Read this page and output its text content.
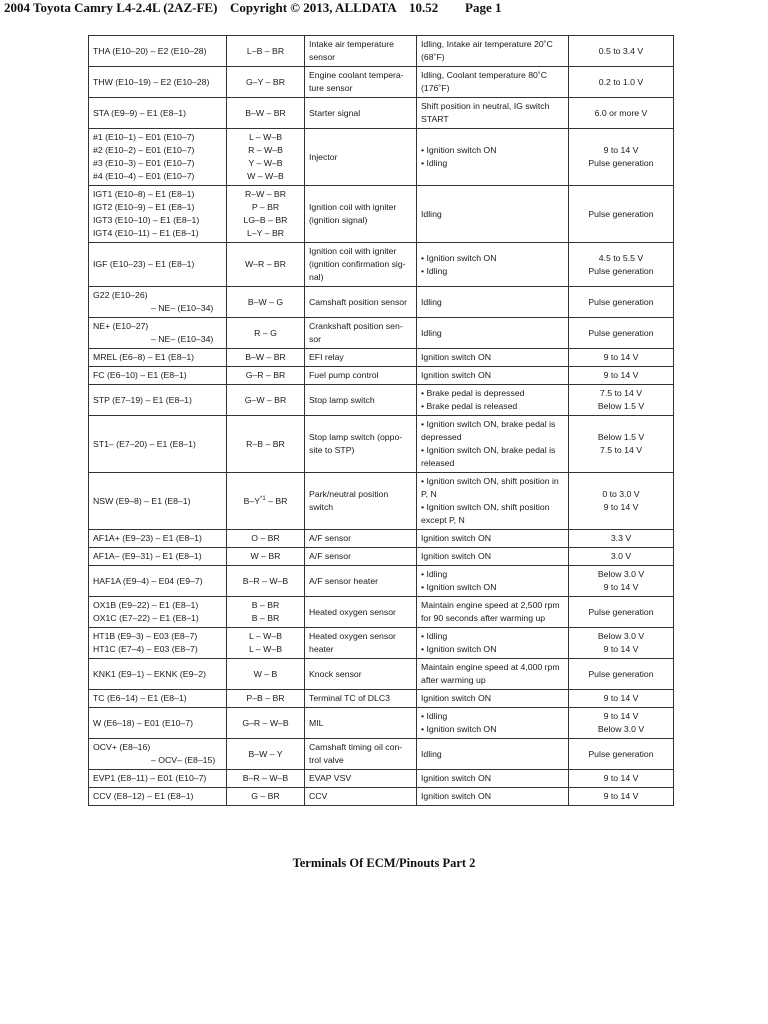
2004 Toyota Camry L4-2.4L (2AZ-FE) Copyright © 2013, ALLDATA 10.52 Page 1
THA (E10–20) – E2 (E10–28)	L–B – BR	Intake air temperature
sensor	Idling, Intake air temperature 20˚C
(68˚F)	0.5 to 3.4 V

THW (E10–19) – E2 (E10–28)	G–Y – BR	Engine coolant tempera-
ture sensor	Idling, Coolant temperature 80˚C
(176˚F)	0.2 to 1.0 V

STA (E9–9) – E1 (E8–1)	B–W – BR	Starter signal	Shift position in neutral, IG switch
START	6.0 or more V

#1 (E10–1) – E01 (E10–7)
#2 (E10–2) – E01 (E10–7)
#3 (E10–3) – E01 (E10–7)
#4 (E10–4) – E01 (E10–7)	L – W–B
R – W–B
Y – W–B
W – W–B	Injector	• Ignition switch ON
• Idling	9 to 14 V
Pulse generation

IGT1 (E10–8) – E1 (E8–1)
IGT2 (E10–9) – E1 (E8–1)
IGT3 (E10–10) – E1 (E8–1)
IGT4 (E10–11) – E1 (E8–1)	R–W – BR
P – BR
LG–B – BR
L–Y – BR	Ignition coil with igniter
(ignition signal)	Idling	Pulse generation

IGF (E10–23) – E1 (E8–1)	W–R – BR	Ignition coil with igniter
(ignition confirmation sig-
nal)	• Ignition switch ON
• Idling	4.5 to 5.5 V
Pulse generation

G22 (E10–26)
– NE– (E10–34)	B–W – G	Camshaft position sensor	Idling	Pulse generation

NE+ (E10–27)
– NE– (E10–34)	R – G	Crankshaft position sen-
sor	Idling	Pulse generation

MREL (E6–8) – E1 (E8–1)	B–W – BR	EFI relay	Ignition switch ON	9 to 14 V

FC (E6–10) – E1 (E8–1)	G–R – BR	Fuel pump control	Ignition switch ON	9 to 14 V

STP (E7–19) – E1 (E8–1)	G–W – BR	Stop lamp switch	• Brake pedal is depressed
• Brake pedal is released	7.5 to 14 V
Below 1.5 V

ST1– (E7–20) – E1 (E8–1)	R–B – BR	Stop lamp switch (oppo-
site to STP)	• Ignition switch ON, brake pedal is
depressed
• Ignition switch ON, brake pedal is
released	Below 1.5 V
7.5 to 14 V

NSW (E9–8) – E1 (E8–1)	$B-Y^{*1}$ – BR	Park/neutral position
switch	• Ignition switch ON, shift position in
P, N
• Ignition switch ON, shift position
except P, N	0 to 3.0 V
9 to 14 V

AF1A+ (E9–23) – E1 (E8–1)	O – BR	A/F sensor	Ignition switch ON	3.3 V

AF1A– (E9–31) – E1 (E8–1)	W – BR	A/F sensor	Ignition switch ON	3.0 V

HAF1A (E9–4) – E04 (E9–7)	B–R – W–B	A/F sensor heater	• Idling
• Ignition switch ON	Below 3.0 V
9 to 14 V

OX1B (E9–22) – E1 (E8–1)
OX1C (E7–22) – E1 (E8–1)	B – BR
B – BR	Heated oxygen sensor	Maintain engine speed at 2,500 rpm
for 90 seconds after warming up	Pulse generation

HT1B (E9–3) – E03 (E8–7)
HT1C (E7–4) – E03 (E8–7)	L – W–B
L – W–B	Heated oxygen sensor
heater	• Idling
• Ignition switch ON	Below 3.0 V
9 to 14 V

KNK1 (E9–1) – EKNK (E9–2)	W – B	Knock sensor	Maintain engine speed at 4,000 rpm
after warming up	Pulse generation

TC (E6–14) – E1 (E8–1)	P–B – BR	Terminal TC of DLC3	Ignition switch ON	9 to 14 V

W (E6–18) – E01 (E10–7)	G–R – W–B	MIL	• Idling
• Ignition switch ON	9 to 14 V
Below 3.0 V

OCV+ (E8–16)
– OCV– (E8–15)	B–W – Y	Camshaft timing oil con-
trol valve	Idling	Pulse generation

EVP1 (E8–11) – E01 (E10–7)	B–R – W–B	EVAP VSV	Ignition switch ON	9 to 14 V

CCV (E8–12) – E1 (E8–1)	G – BR	CCV	Ignition switch ON	9 to 14 V
Terminals Of ECM/Pinouts Part 2
